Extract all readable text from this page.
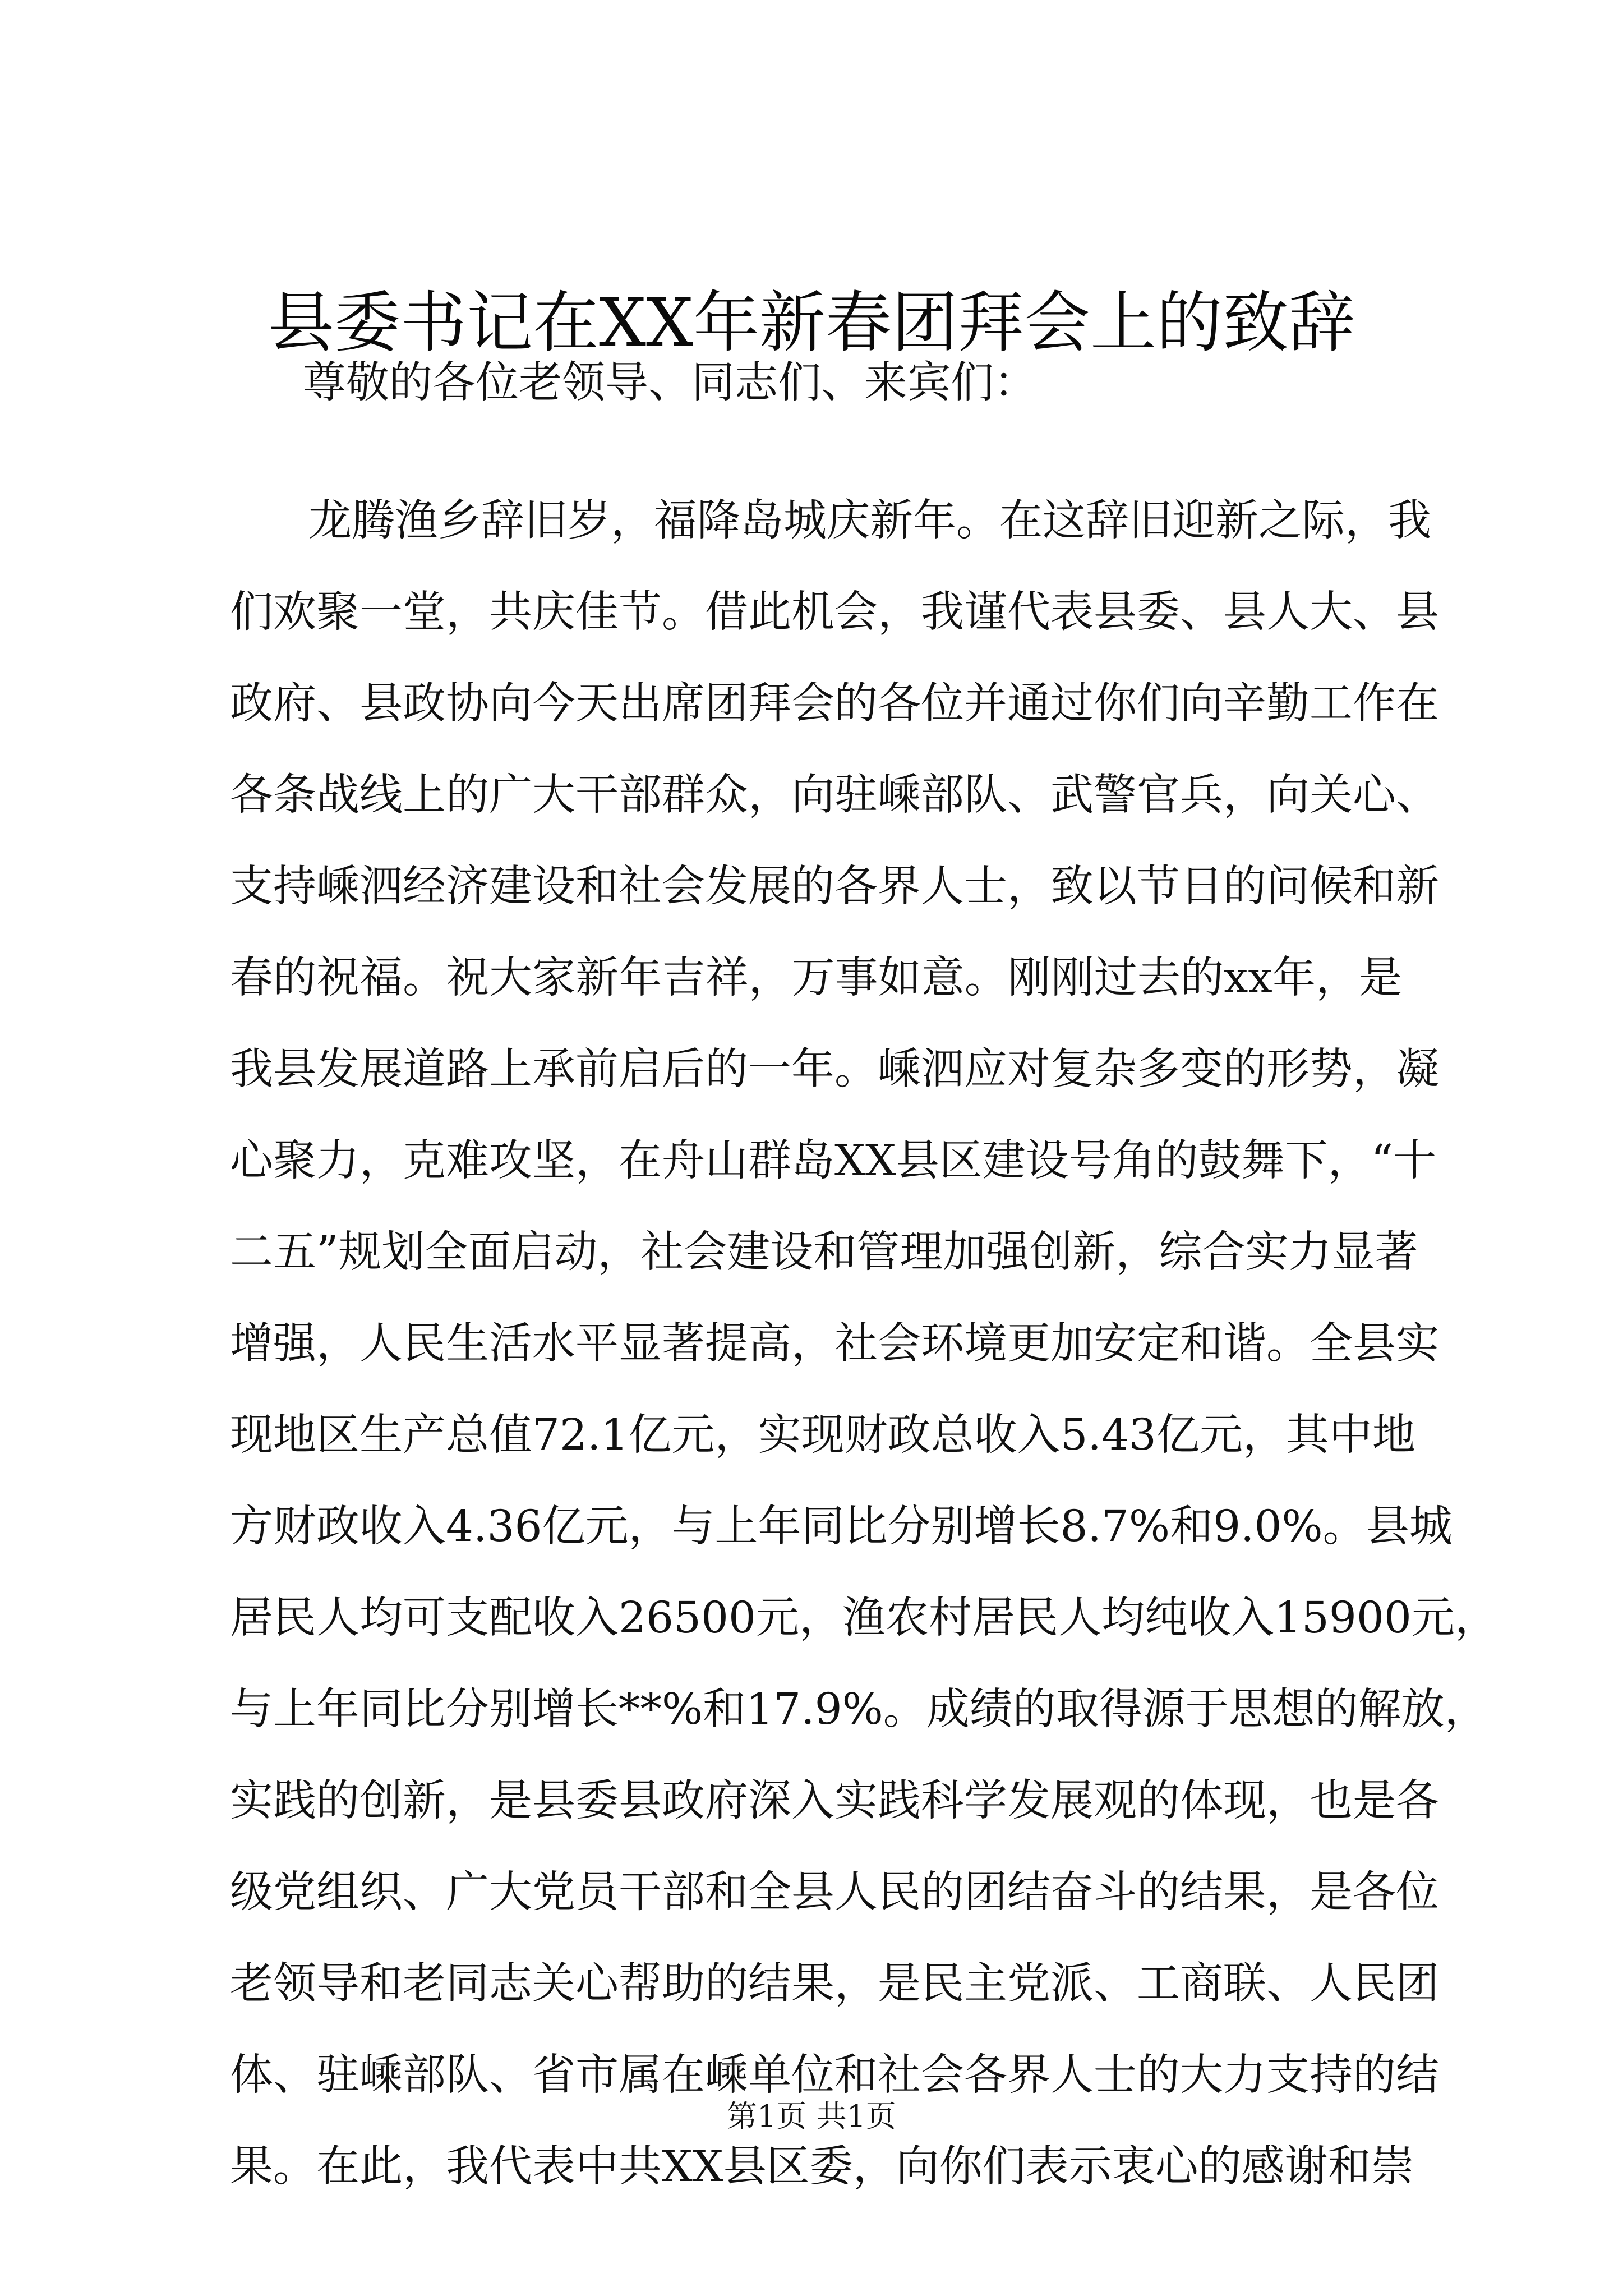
县委书记在XX年新春团拜会上的致辞

尊敬的各位老领导、同志们、来宾们：

龙腾渔乡辞旧岁，福降岛城庆新年。在这辞旧迎新之际，我
们欢聚一堂，共庆佳节。借此机会，我谨代表县委、县人大、县
政府、县政协向今天出席团拜会的各位并通过你们向辛勤工作在
各条战线上的广大干部群众，向驻嵊部队、武警官兵，向关心、
支持嵊泗经济建设和社会发展的各界人士，致以节日的问候和新
春的祝福。祝大家新年吉祥，万事如意。刚刚过去的xx年，是
我县发展道路上承前启后的一年。嵊泗应对复杂多变的形势，凝
心聚力，克难攻坚，在舟山群岛XX县区建设号角的鼓舞下，“十
二五”规划全面启动，社会建设和管理加强创新，综合实力显著
增强，人民生活水平显著提高，社会环境更加安定和谐。全县实
现地区生产总值72.1亿元，实现财政总收入5.43亿元，其中地
方财政收入4.36亿元，与上年同比分别增长8.7%和9.0%。县城
居民人均可支配收入26500元，渔农村居民人均纯收入15900元，
与上年同比分别增长**%和17.9%。成绩的取得源于思想的解放，
实践的创新，是县委县政府深入实践科学发展观的体现，也是各
级党组织、广大党员干部和全县人民的团结奋斗的结果，是各位
老领导和老同志关心帮助的结果，是民主党派、工商联、人民团
体、驻嵊部队、省市属在嵊单位和社会各界人士的大力支持的结
果。在此，我代表中共XX县区委，向你们表示衷心的感谢和崇

第1页 共1页
